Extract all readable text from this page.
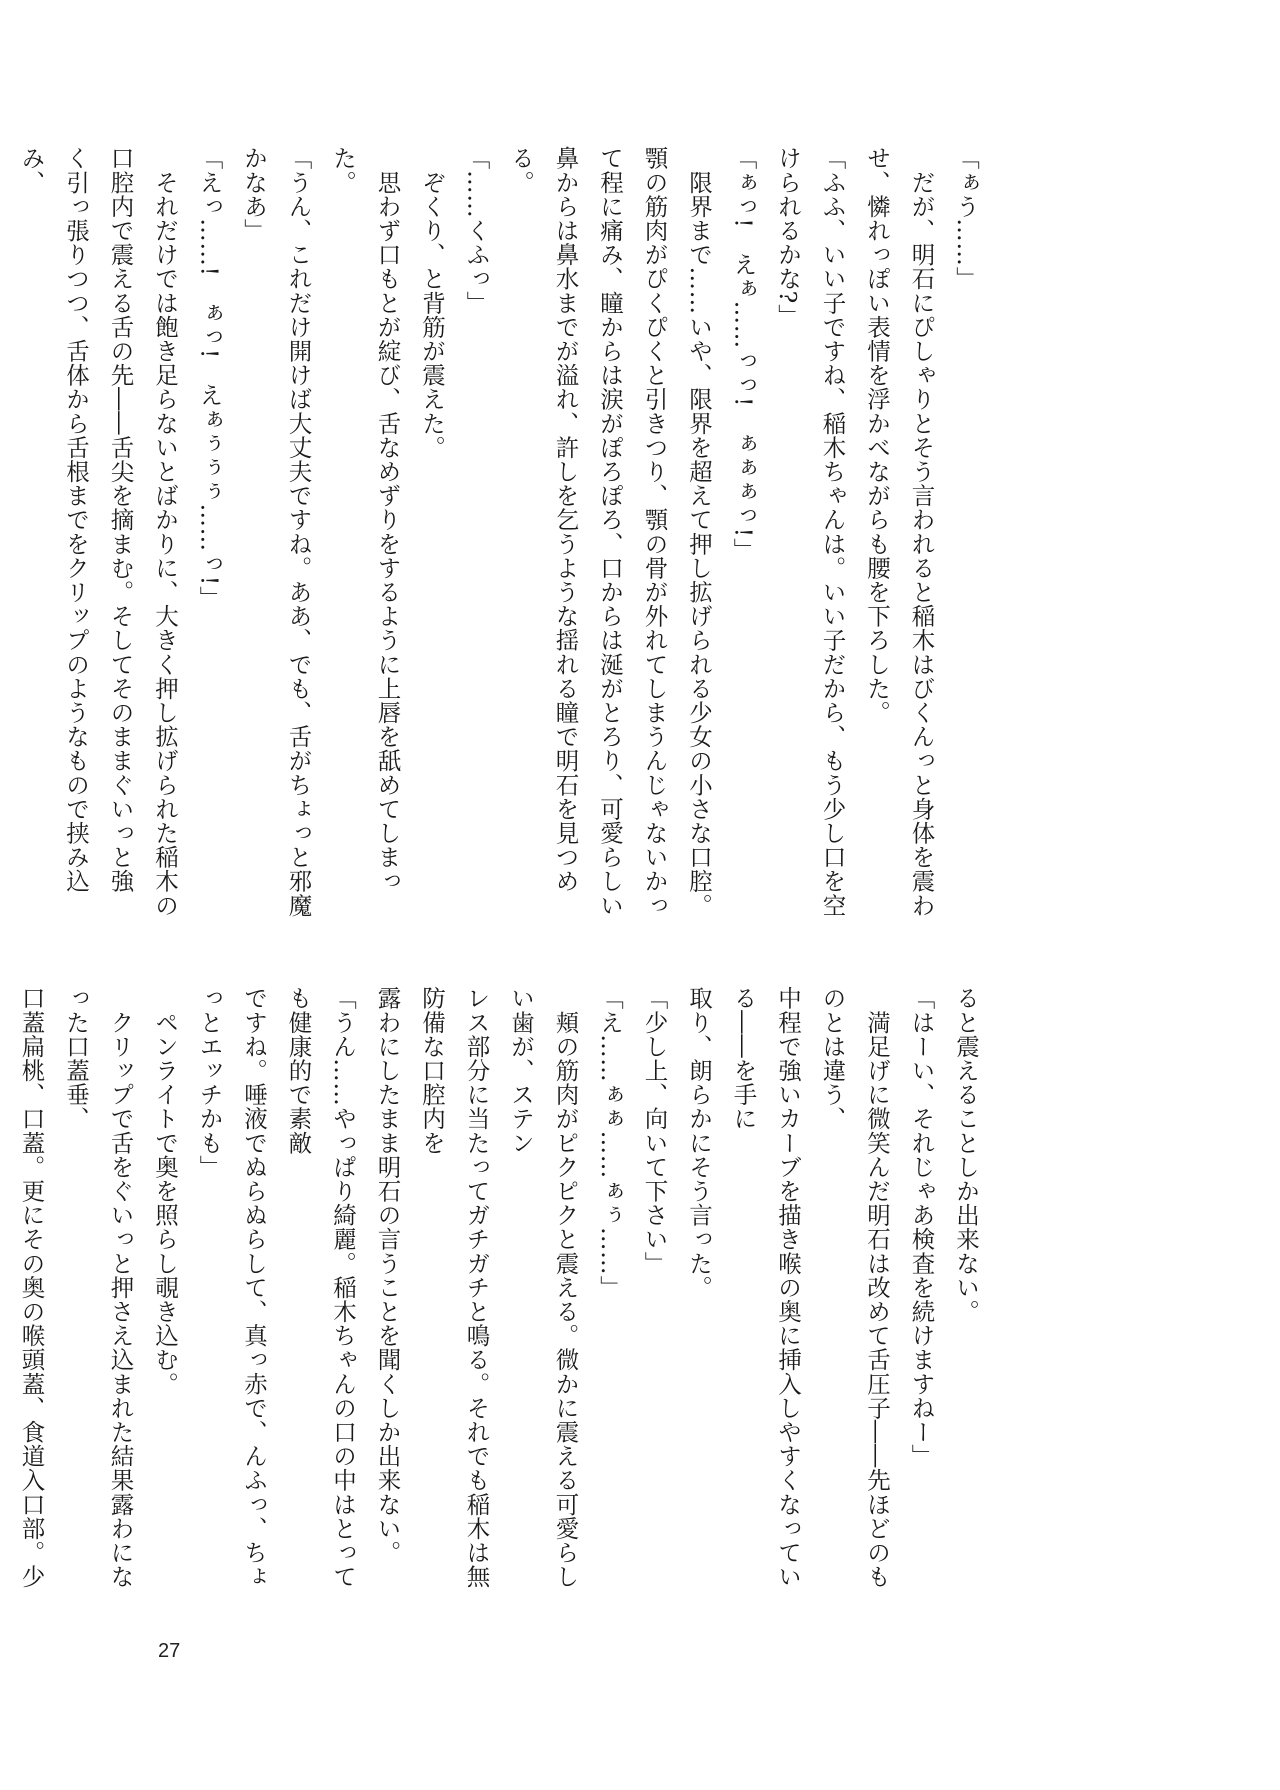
「ぁう……」
　だが、明石にぴしゃりとそう言われると稲木はびくんっと身体を震わ
せ、憐れっぽい表情を浮かべながらも腰を下ろした。
「ふふ、いい子ですね、稲木ちゃんは。いい子だから、もう少し口を空
けられるかな?」
「ぁっ!　えぁ……っっ!　ぁぁぁっ!」
　限界まで……いや、限界を超えて押し拡げられる少女の小さな口腔。
顎の筋肉がぴくぴくと引きつり、顎の骨が外れてしまうんじゃないかっ
て程に痛み、瞳からは涙がぽろぽろ、口からは涎がとろり、可愛らしい
鼻からは鼻水までが溢れ、許しを乞うような揺れる瞳で明石を見つめる。
「……くふっ」
　ぞくり、と背筋が震えた。
　思わず口もとが綻び、舌なめずりをするように上唇を舐めてしまった。
「うん、これだけ開けば大丈夫ですね。ああ、でも、舌がちょっと邪魔
かなあ」
「えっ……!　ぁっ!　えぁぅぅぅ……っ!」
　それだけでは飽き足らないとばかりに、大きく押し拡げられた稲木の
口腔内で震える舌の先――舌尖を摘まむ。そしてそのままぐいっと強
く引っ張りつつ、舌体から舌根までをクリップのようなもので挟み込み、
ると震えることしか出来ない。
「はーい、それじゃあ検査を続けますねー」
　満足げに微笑んだ明石は改めて舌圧子――先ほどのものとは違う、
中程で強いカーブを描き喉の奥に挿入しやすくなっている――を手に
取り、朗らかにそう言った。
「少し上、向いて下さい」
「え……ぁぁ……ぁぅ……」
　頬の筋肉がピクピクと震える。微かに震える可愛らしい歯が、ステン
レス部分に当たってガチガチと鳴る。それでも稲木は無防備な口腔内を
露わにしたまま明石の言うことを聞くしか出来ない。
「うん……やっぱり綺麗。稲木ちゃんの口の中はとっても健康的で素敵
ですね。唾液でぬらぬらして、真っ赤で、んふっ、ちょっとエッチかも」
　ペンライトで奥を照らし覗き込む。
　クリップで舌をぐいっと押さえ込まれた結果露わになった口蓋垂、
口蓋扁桃、口蓋。更にその奥の喉頭蓋、食道入口部。少
27
